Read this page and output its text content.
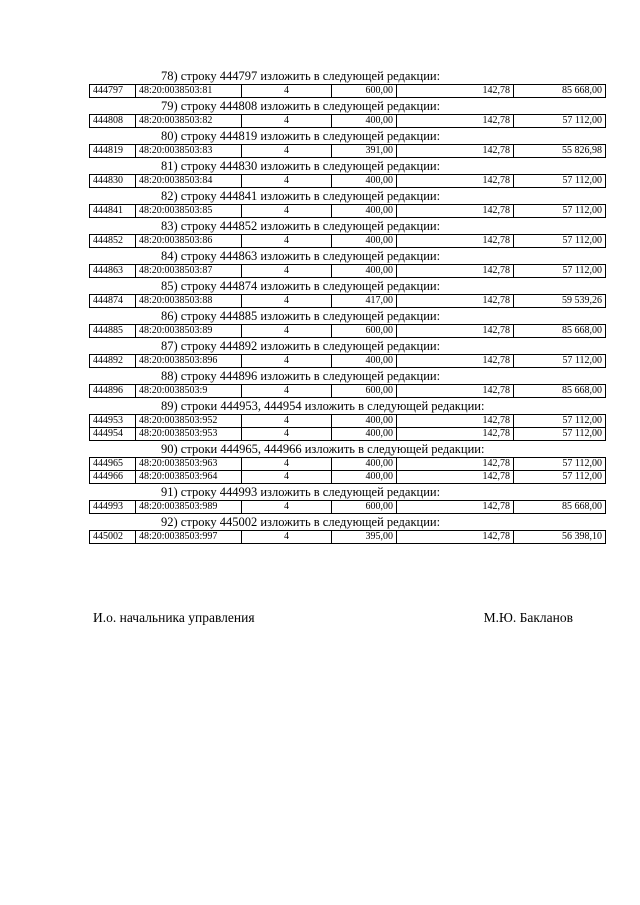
78) строку 444797 изложить в следующей редакции:
444797	48:20:0038503:81	4	600,00	142,78	85 668,00
79) строку 444808 изложить в следующей редакции:
444808	48:20:0038503:82	4	400,00	142,78	57 112,00
80) строку 444819 изложить в следующей редакции:
444819	48:20:0038503:83	4	391,00	142,78	55 826,98
81) строку 444830 изложить в следующей редакции:
444830	48:20:0038503:84	4	400,00	142,78	57 112,00
82) строку 444841 изложить в следующей редакции:
444841	48:20:0038503:85	4	400,00	142,78	57 112,00
83) строку 444852 изложить в следующей редакции:
444852	48:20:0038503:86	4	400,00	142,78	57 112,00
84) строку 444863 изложить в следующей редакции:
444863	48:20:0038503:87	4	400,00	142,78	57 112,00
85) строку 444874 изложить в следующей редакции:
444874	48:20:0038503:88	4	417,00	142,78	59 539,26
86) строку 444885 изложить в следующей редакции:
444885	48:20:0038503:89	4	600,00	142,78	85 668,00
87) строку 444892 изложить в следующей редакции:
444892	48:20:0038503:896	4	400,00	142,78	57 112,00
88) строку 444896 изложить в следующей редакции:
444896	48:20:0038503:9	4	600,00	142,78	85 668,00
89) строки 444953, 444954 изложить в следующей редакции:
444953	48:20:0038503:952	4	400,00	142,78	57 112,00
444954	48:20:0038503:953	4	400,00	142,78	57 112,00
90) строки 444965, 444966 изложить в следующей редакции:
444965	48:20:0038503:963	4	400,00	142,78	57 112,00
444966	48:20:0038503:964	4	400,00	142,78	57 112,00
91) строку 444993 изложить в следующей редакции:
444993	48:20:0038503:989	4	600,00	142,78	85 668,00
92) строку 445002 изложить в следующей редакции:
445002	48:20:0038503:997	4	395,00	142,78	56 398,10
И.о. начальника управления	М.Ю. Бакланов
